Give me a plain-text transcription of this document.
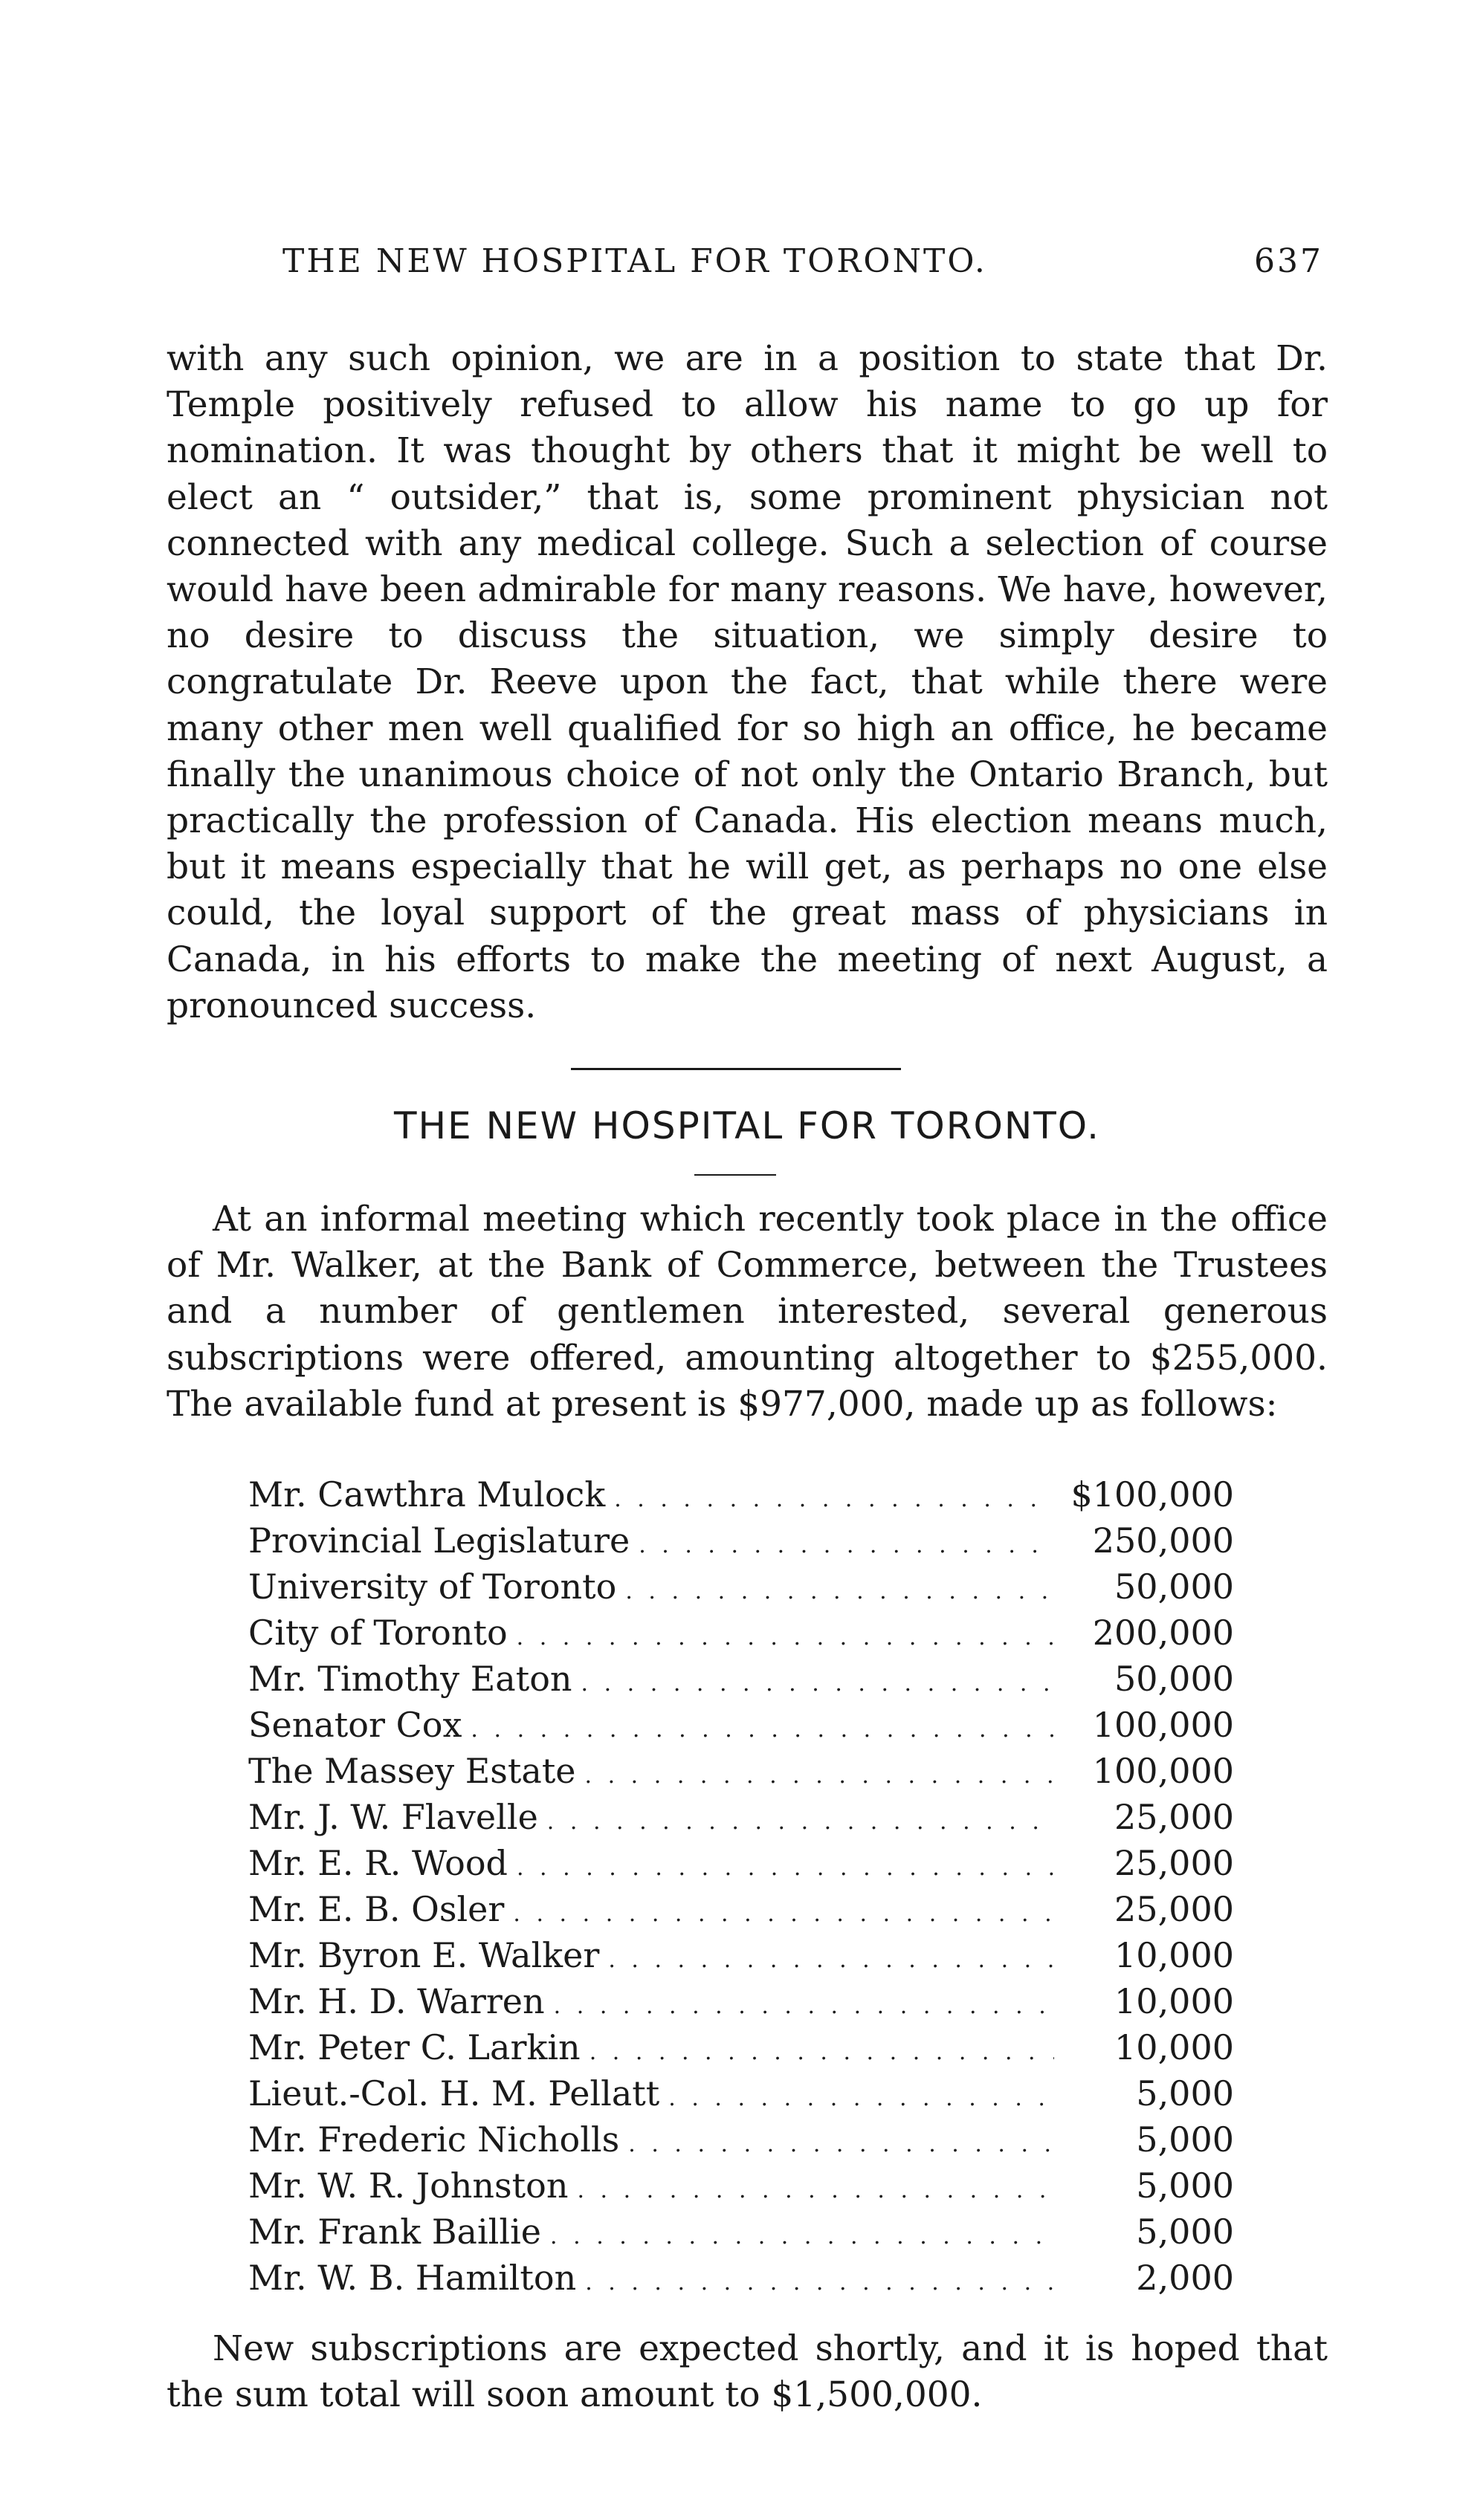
THE NEW HOSPITAL FOR TORONTO.	637

with any such opinion, we are in a position to state that Dr. Temple positively refused to allow his name to go up for nomination. It was thought by others that it might be well to elect an “ outsider,” that is, some prominent physician not connected with any medical college. Such a selection of course would have been admirable for many reasons. We have, however, no desire to discuss the situation, we simply desire to congratulate Dr. Reeve upon the fact, that while there were many other men well qualified for so high an office, he became finally the unanimous choice of not only the Ontario Branch, but practically the profession of Canada. His election means much, but it means especially that he will get, as perhaps no one else could, the loyal support of the great mass of physicians in Canada, in his efforts to make the meeting of next August, a pronounced success.

THE NEW HOSPITAL FOR TORONTO.

At an informal meeting which recently took place in the office of Mr. Walker, at the Bank of Commerce, between the Trustees and a number of gentlemen interested, several generous subscriptions were offered, amounting altogether to $255,000. The available fund at present is $977,000, made up as follows:

Mr. Cawthra Mulock . . .	$100,000
Provincial Legislature . . .	250,000
University of Toronto . . .	50,000
City of Toronto . . .	200,000
Mr. Timothy Eaton . . .	50,000
Senator Cox . . .	100,000
The Massey Estate . . .	100,000
Mr. J. W. Flavelle . . .	25,000
Mr. E. R. Wood . . .	25,000
Mr. E. B. Osler . . .	25,000
Mr. Byron E. Walker . . .	10,000
Mr. H. D. Warren . . .	10,000
Mr. Peter C. Larkin . . .	10,000
Lieut.-Col. H. M. Pellatt . . .	5,000
Mr. Frederic Nicholls . . .	5,000
Mr. W. R. Johnston . . .	5,000
Mr. Frank Baillie . . .	5,000
Mr. W. B. Hamilton . . .	2,000

New subscriptions are expected shortly, and it is hoped that the sum total will soon amount to $1,500,000.
